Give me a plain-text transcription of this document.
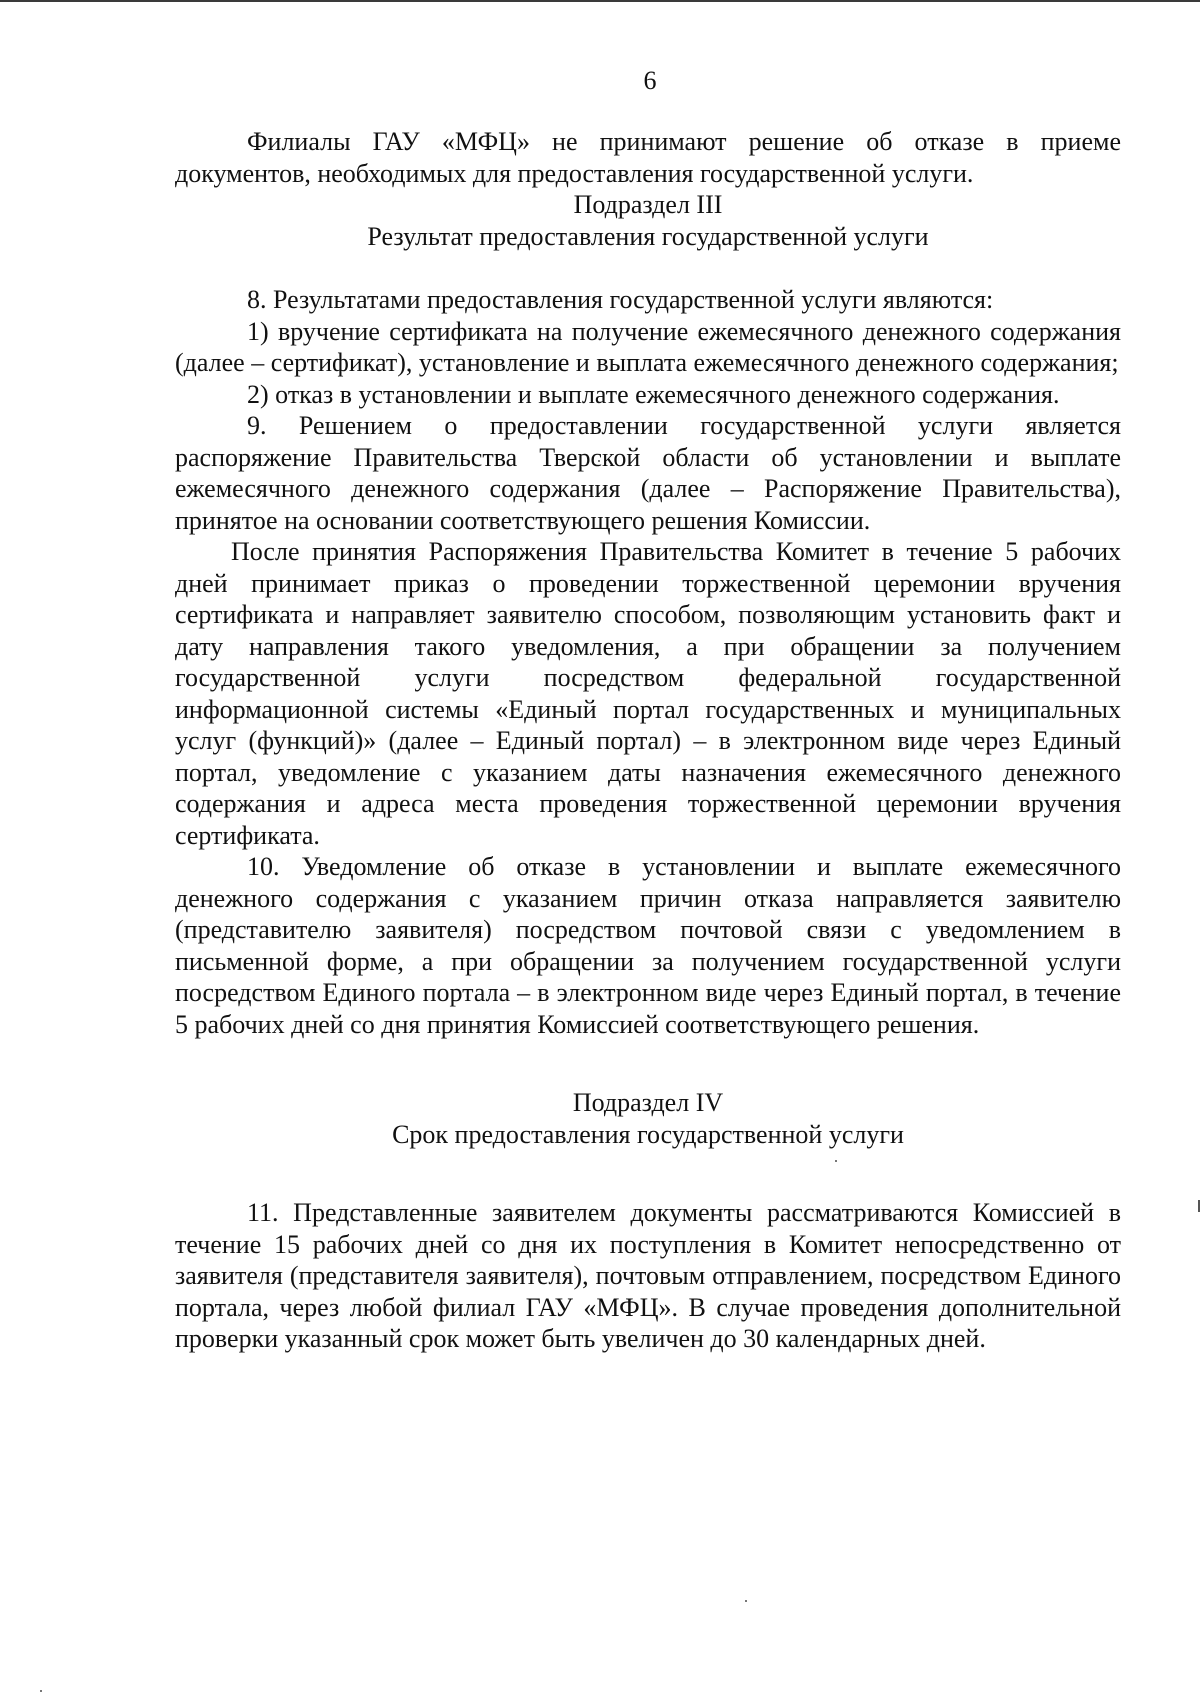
6

Филиалы ГАУ «МФЦ» не принимают решение об отказе в приеме документов, необходимых для предоставления государственной услуги.

Подраздел III

Результат предоставления государственной услуги

8. Результатами предоставления государственной услуги являются:

1) вручение сертификата на получение ежемесячного денежного содержания (далее – сертификат), установление и выплата ежемесячного денежного содержания;

2) отказ в установлении и выплате ежемесячного денежного содержания.

9. Решением о предоставлении государственной услуги является распоряжение Правительства Тверской области об установлении и выплате ежемесячного денежного содержания (далее – Распоряжение Правительства), принятое на основании соответствующего решения Комиссии.

После принятия Распоряжения Правительства Комитет в течение 5 рабочих дней принимает приказ о проведении торжественной церемонии вручения сертификата и направляет заявителю способом, позволяющим установить факт и дату направления такого уведомления, а при обращении за получением государственной услуги посредством федеральной государственной информационной системы «Единый портал государственных и муниципальных услуг (функций)» (далее – Единый портал) – в электронном виде через Единый портал, уведомление с указанием даты назначения ежемесячного денежного содержания и адреса места проведения торжественной церемонии вручения сертификата.

10. Уведомление об отказе в установлении и выплате ежемесячного денежного содержания с указанием причин отказа направляется заявителю (представителю заявителя) посредством почтовой связи с уведомлением в письменной форме, а при обращении за получением государственной услуги посредством Единого портала – в электронном виде через Единый портал, в течение 5 рабочих дней со дня принятия Комиссией соответствующего решения.

Подраздел IV

Срок предоставления государственной услуги

11. Представленные заявителем документы рассматриваются Комиссией в течение 15 рабочих дней со дня их поступления в Комитет непосредственно от заявителя (представителя заявителя), почтовым отправлением, посредством Единого портала, через любой филиал ГАУ «МФЦ». В случае проведения дополнительной проверки указанный срок может быть увеличен до 30 календарных дней.
